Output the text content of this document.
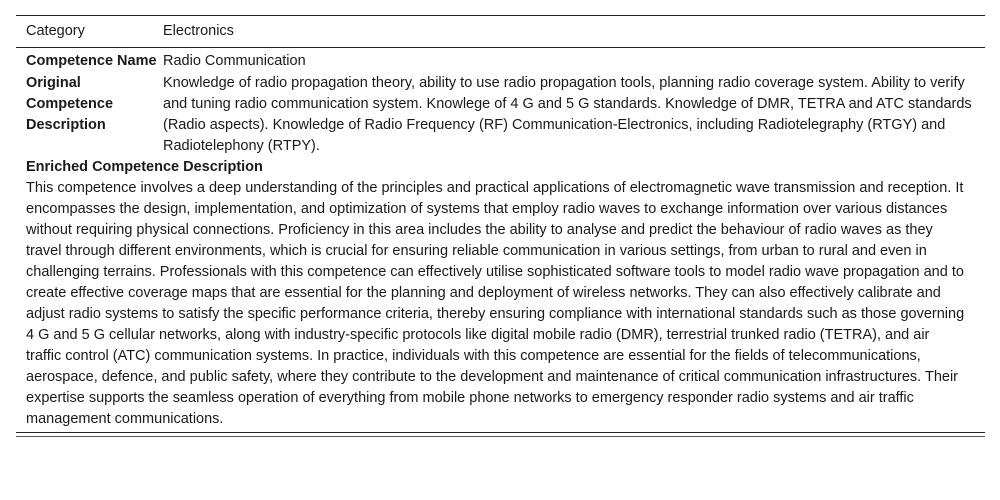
Category	Electronics
Competence Name Radio Communication
Original Competence Description
Knowledge of radio propagation theory, ability to use radio propagation tools, planning radio coverage system. Ability to verify and tuning radio communication system. Knowlege of 4 G and 5 G standards. Knowledge of DMR, TETRA and ATC standards (Radio aspects). Knowledge of Radio Frequency (RF) Communication-Electronics, including Radiotelegraphy (RTGY) and Radiotelephony (RTPY).
Enriched Competence Description

This competence involves a deep understanding of the principles and practical applications of electromagnetic wave transmission and reception. It encompasses the design, implementation, and optimization of systems that employ radio waves to exchange information over various distances without requiring physical connections. Proficiency in this area includes the ability to analyse and predict the behaviour of radio waves as they travel through different environments, which is crucial for ensuring reliable communication in various settings, from urban to rural and even in challenging terrains. Professionals with this competence can effectively utilise sophisticated software tools to model radio wave propagation and to create effective coverage maps that are essential for the planning and deployment of wireless networks. They can also effectively calibrate and adjust radio systems to satisfy the specific performance criteria, thereby ensuring compliance with international standards such as those governing 4 G and 5 G cellular networks, along with industry-specific protocols like digital mobile radio (DMR), terrestrial trunked radio (TETRA), and air traffic control (ATC) communication systems. In practice, individuals with this competence are essential for the fields of telecommunications, aerospace, defence, and public safety, where they contribute to the development and maintenance of critical communication infrastructures. Their expertise supports the seamless operation of everything from mobile phone networks to emergency responder radio systems and air traffic management communications.
